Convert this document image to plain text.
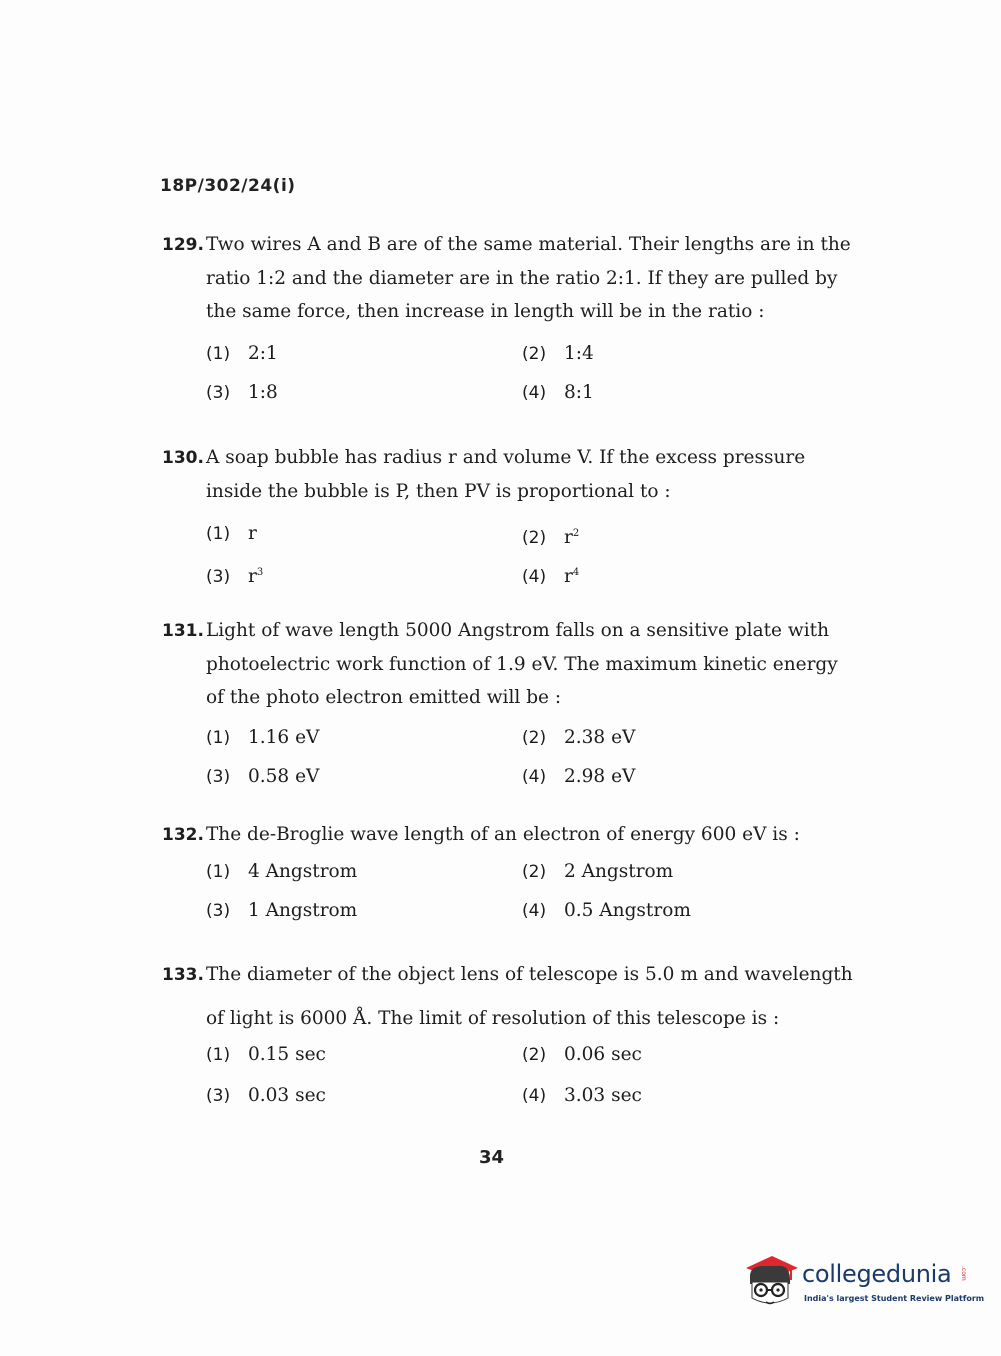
18P/302/24(i)
129. Two wires A and B are of the same material. Their lengths are in the
ratio 1:2 and the diameter are in the ratio 2:1. If they are pulled by
the same force, then increase in length will be in the ratio :
(1) 2:1	(2) 1:4
(3) 1:8	(4) 8:1
130. A soap bubble has radius r and volume V. If the excess pressure
inside the bubble is P, then PV is proportional to :
(1) r	(2) $r^2$
(3) $r^3$	(4) $r^4$
131. Light of wave length 5000 Angstrom falls on a sensitive plate with
photoelectric work function of 1.9 eV. The maximum kinetic energy
of the photo electron emitted will be :
(1) 1.16 eV	(2) 2.38 eV
(3) 0.58 eV	(4) 2.98 eV
132. The de-Broglie wave length of an electron of energy 600 eV is :
(1) 4 Angstrom	(2) 2 Angstrom
(3) 1 Angstrom	(4) 0.5 Angstrom
133. The diameter of the object lens of telescope is 5.0 m and wavelength
of light is 6000 Å. The limit of resolution of this telescope is :
(1) 0.15 sec	(2) 0.06 sec
(3) 0.03 sec	(4) 3.03 sec
34
collegedunia .com
India's largest Student Review Platform
